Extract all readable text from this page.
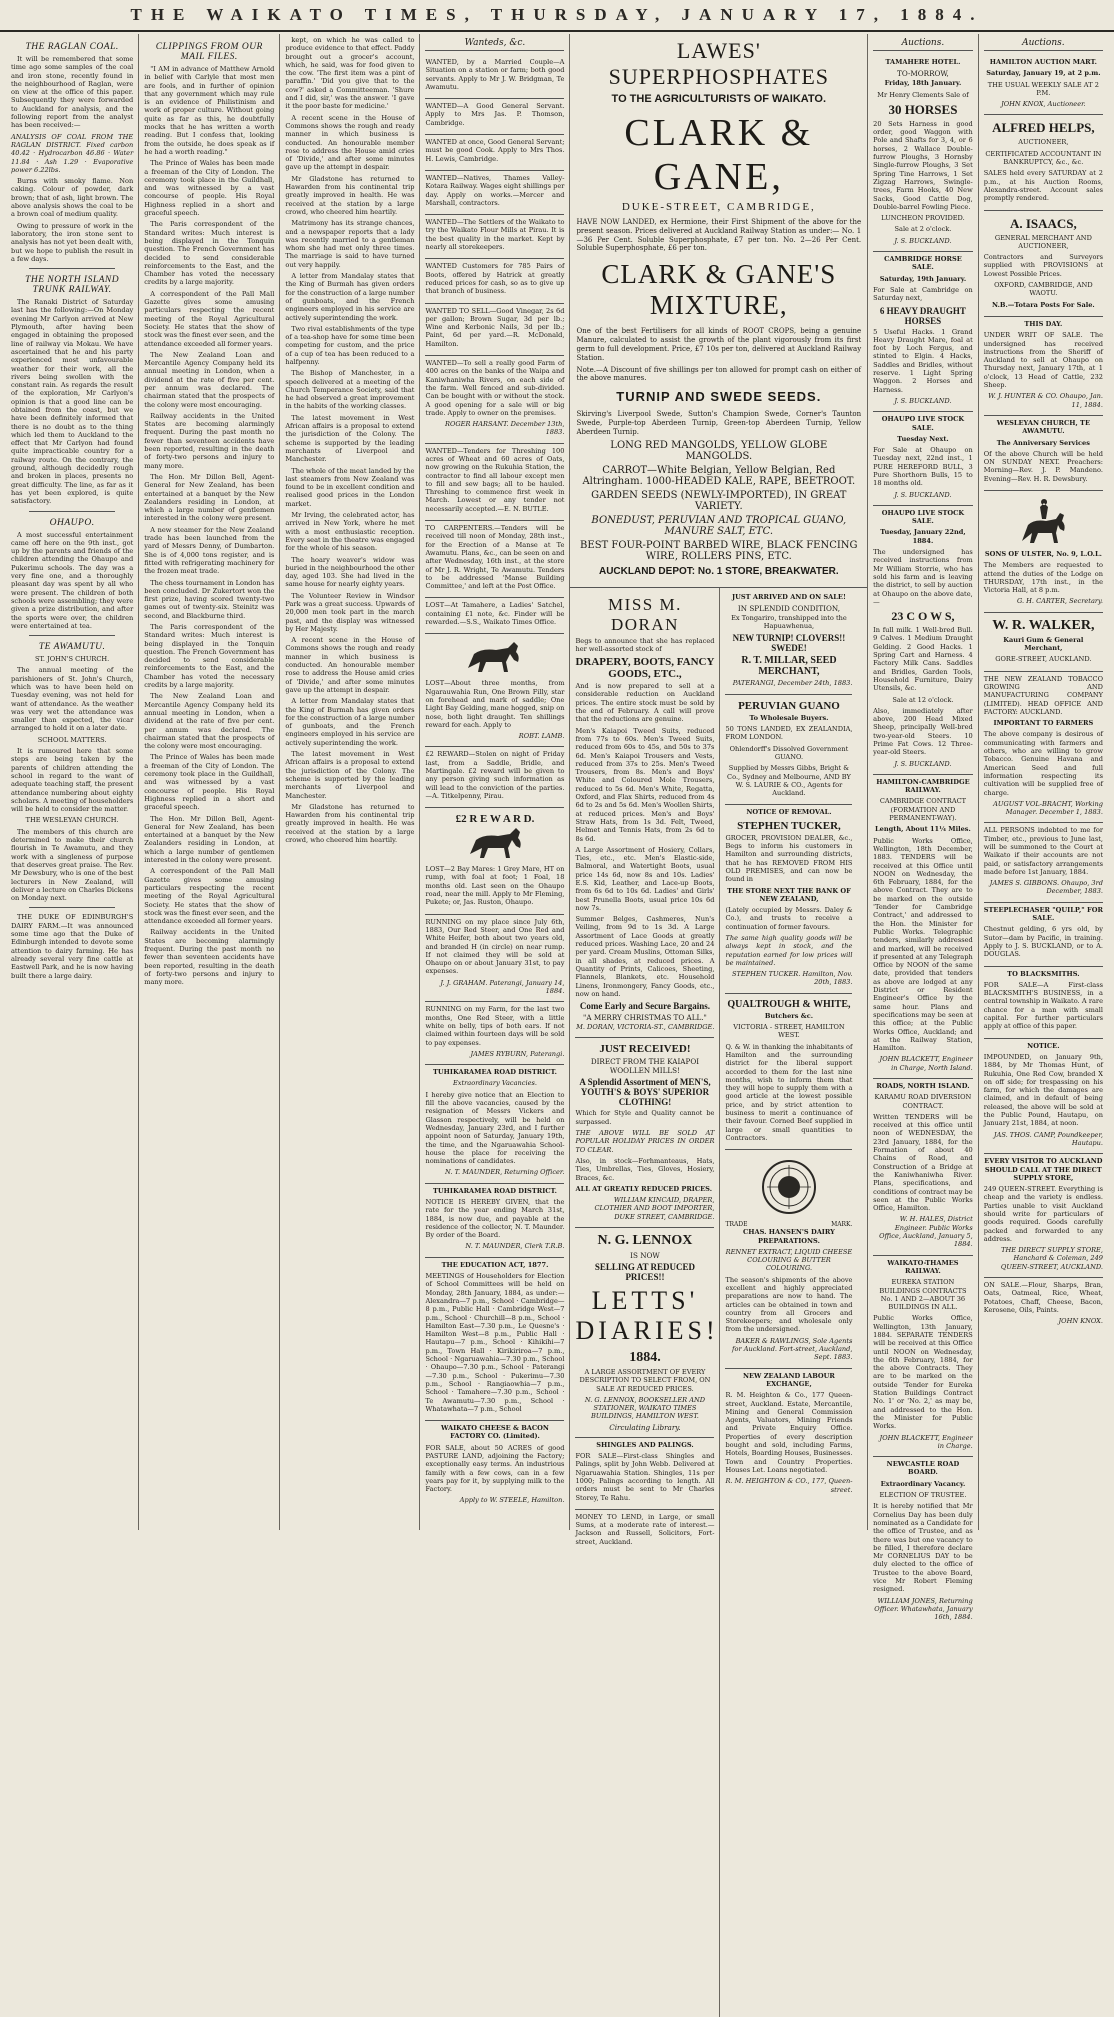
THE WAIKATO TIMES, THURSDAY, JANUARY 17, 1884.
THE RAGLAN COAL.

It will be remembered that some time ago some samples of the coal and iron stone, recently found in the neighbourhood of Raglan, were on view at the office of this paper. Subsequently they were forwarded to Auckland for analysis, and the following report from the analyst has been received:—

ANALYSIS OF COAL FROM THE RAGLAN DISTRICT. Fixed carbon 40.42 · Hydrocarbon 46.86 · Water 11.84 · Ash 1.29 · Evaporative power 6.22lbs.

Burns with smoky flame. Non caking. Colour of powder, dark brown; that of ash, light brown. The above analysis shows the coal to be a brown coal of medium quality.

Owing to pressure of work in the laboratory, the iron stone sent to analysis has not yet been dealt with, but we hope to publish the result in a few days.

THE NORTH ISLAND TRUNK RAILWAY.

The Ranaki District of Saturday last has the following:—On Monday evening Mr Carlyon arrived at New Plymouth, after having been engaged in obtaining the proposed line of railway via Mokau. We have ascertained that he and his party experienced most unfavourable weather for their work, all the rivers being swollen with the constant rain. As regards the result of the exploration, Mr Carlyon's opinion is that a good line can be obtained from the coast, but we have been definitely informed that there is no doubt as to the thing which led them to Auckland to the effect that Mr Carlyon had found quite impracticable country for a railway route. On the contrary, the ground, although decidedly rough and broken in places, presents no great difficulty. The line, as far as it has yet been explored, is quite satisfactory.

OHAUPO.

A most successful entertainment came off here on the 9th inst., got up by the parents and friends of the children attending the Ohaupo and Pukerimu schools. The day was a very fine one, and a thoroughly pleasant day was spent by all who were present. The children of both schools were assembling; they were given a prize distribution, and after the sports were over, the children were entertained at tea.

TE AWAMUTU.

ST. JOHN'S CHURCH.

The annual meeting of the parishioners of St. John's Church, which was to have been held on Tuesday evening, was not held for want of attendance. As the weather was very wet the attendance was smaller than expected, the vicar arranged to hold it on a later date.

SCHOOL MATTERS.

It is rumoured here that some steps are being taken by the parents of children attending the school in regard to the want of adequate teaching staff, the present attendance numbering about eighty scholars. A meeting of householders will be held to consider the matter.

THE WESLEYAN CHURCH.

The members of this church are determined to make their church flourish in Te Awamutu, and they work with a singleness of purpose that deserves great praise. The Rev. Mr Dewsbury, who is one of the best lecturers in New Zealand, will deliver a lecture on Charles Dickens on Monday next.

THE DUKE OF EDINBURGH'S DAIRY FARM.—It was announced some time ago that the Duke of Edinburgh intended to devote some attention to dairy farming. He has already several very fine cattle at Eastwell Park, and he is now having built there a large dairy.

CLIPPINGS FROM OUR MAIL FILES.

"I AM in advance of Matthew Arnold in belief with Carlyle that most men are fools, and in further of opinion that any government which may rule is an evidence of Philistinism and work of proper culture. Without going quite as far as this, he doubtfully mocks that he has written a worth reading. But I confess that, looking from the outside, he does speak as if he had a worth reading."

The Prince of Wales has been made a freeman of the City of London. The ceremony took place in the Guildhall, and was witnessed by a vast concourse of people. His Royal Highness replied in a short and graceful speech.

The Paris correspondent of the Standard writes: Much interest is being displayed in the Tonquin question. The French Government has decided to send considerable reinforcements to the East, and the Chamber has voted the necessary credits by a large majority.

A correspondent of the Pall Mall Gazette gives some amusing particulars respecting the recent meeting of the Royal Agricultural Society. He states that the show of stock was the finest ever seen, and the attendance exceeded all former years.

The New Zealand Loan and Mercantile Agency Company held its annual meeting in London, when a dividend at the rate of five per cent. per annum was declared. The chairman stated that the prospects of the colony were most encouraging.

Railway accidents in the United States are becoming alarmingly frequent. During the past month no fewer than seventeen accidents have been reported, resulting in the death of forty-two persons and injury to many more.

The Hon. Mr Dillon Bell, Agent-General for New Zealand, has been entertained at a banquet by the New Zealanders residing in London, at which a large number of gentlemen interested in the colony were present.

A new steamer for the New Zealand trade has been launched from the yard of Messrs Denny, of Dumbarton. She is of 4,000 tons register, and is fitted with refrigerating machinery for the frozen meat trade.

The chess tournament in London has been concluded. Dr Zukertort won the first prize, having scored twenty-two games out of twenty-six. Steinitz was second, and Blackburne third.

The Paris correspondent of the Standard writes: Much interest is being displayed in the Tonquin question. The French Government has decided to send considerable reinforcements to the East, and the Chamber has voted the necessary credits by a large majority.

The New Zealand Loan and Mercantile Agency Company held its annual meeting in London, when a dividend at the rate of five per cent. per annum was declared. The chairman stated that the prospects of the colony were most encouraging.

The Prince of Wales has been made a freeman of the City of London. The ceremony took place in the Guildhall, and was witnessed by a vast concourse of people. His Royal Highness replied in a short and graceful speech.

The Hon. Mr Dillon Bell, Agent-General for New Zealand, has been entertained at a banquet by the New Zealanders residing in London, at which a large number of gentlemen interested in the colony were present.

A correspondent of the Pall Mall Gazette gives some amusing particulars respecting the recent meeting of the Royal Agricultural Society. He states that the show of stock was the finest ever seen, and the attendance exceeded all former years.

Railway accidents in the United States are becoming alarmingly frequent. During the past month no fewer than seventeen accidents have been reported, resulting in the death of forty-two persons and injury to many more.

kept, on which he was called to produce evidence to that effect. Paddy brought out a grocer's account, which, he said, was for food given to the cow. 'The first item was a pint of paraffin.' 'Did you give that to the cow?' asked a Committeeman. 'Shure and I did, sir,' was the answer. 'I gave it the poor baste for medicine.'

A recent scene in the House of Commons shows the rough and ready manner in which business is conducted. An honourable member rose to address the House amid cries of 'Divide,' and after some minutes gave up the attempt in despair.

Mr Gladstone has returned to Hawarden from his continental trip greatly improved in health. He was received at the station by a large crowd, who cheered him heartily.

Matrimony has its strange chances, and a newspaper reports that a lady was recently married to a gentleman whom she had met only three times. The marriage is said to have turned out very happily.

A letter from Mandalay states that the King of Burmah has given orders for the construction of a large number of gunboats, and the French engineers employed in his service are actively superintending the work.

Two rival establishments of the type of a tea-shop have for some time been competing for custom, and the price of a cup of tea has been reduced to a halfpenny.

The Bishop of Manchester, in a speech delivered at a meeting of the Church Temperance Society, said that he had observed a great improvement in the habits of the working classes.

The latest movement in West African affairs is a proposal to extend the jurisdiction of the Colony. The scheme is supported by the leading merchants of Liverpool and Manchester.

The whole of the meat landed by the last steamers from New Zealand was found to be in excellent condition and realised good prices in the London market.

Mr Irving, the celebrated actor, has arrived in New York, where he met with a most enthusiastic reception. Every seat in the theatre was engaged for the whole of his season.

The hoary weaver's widow was buried in the neighbourhood the other day, aged 103. She had lived in the same house for nearly eighty years.

The Volunteer Review in Windsor Park was a great success. Upwards of 20,000 men took part in the march past, and the display was witnessed by Her Majesty.

A recent scene in the House of Commons shows the rough and ready manner in which business is conducted. An honourable member rose to address the House amid cries of 'Divide,' and after some minutes gave up the attempt in despair.

A letter from Mandalay states that the King of Burmah has given orders for the construction of a large number of gunboats, and the French engineers employed in his service are actively superintending the work.

The latest movement in West African affairs is a proposal to extend the jurisdiction of the Colony. The scheme is supported by the leading merchants of Liverpool and Manchester.

Mr Gladstone has returned to Hawarden from his continental trip greatly improved in health. He was received at the station by a large crowd, who cheered him heartily.

Wanteds, &c.

WANTED, by a Married Couple—A Situation on a station or farm; both good servants. Apply to Mr J. W. Bridgman, Te Awamutu.

WANTED—A Good General Servant. Apply to Mrs Jas. P. Thomson, Cambridge.

WANTED at once, Good General Servant; must be good Cook. Apply to Mrs Thos. H. Lewis, Cambridge.

WANTED—Natives, Thames Valley-Kotara Railway. Wages eight shillings per day. Apply on works.—Mercer and Marshall, contractors.

WANTED—The Settlers of the Waikato to try the Waikato Flour Mills at Pirau. It is the best quality in the market. Kept by nearly all storekeepers.

WANTED Customers for 785 Pairs of Boots, offered by Hatrick at greatly reduced prices for cash, so as to give up that branch of business.

WANTED TO SELL—Good Vinegar, 2s 6d per gallon; Brown Sugar, 3d per lb.; Wine and Kerbonic Nails, 3d per lb.; Paint, 6d per yard.—R. McDonald, Hamilton.

WANTED—To sell a really good Farm of 400 acres on the banks of the Waipa and Kaniwhaniwha Rivers, on each side of the farm. Well fenced and sub-divided. Can be bought with or without the stock. A good opening for a sale will or big trade. Apply to owner on the premises.

ROGER HARSANT. December 13th, 1883.

WANTED—Tenders for Threshing 100 acres of Wheat and 60 acres of Oats, now growing on the Rukuhia Station, the contractor to find all labour except men to fill and sew bags; all to be hauled. Threshing to commence first week in March. Lowest or any tender not necessarily accepted.—E. N. BUTLE.

TO CARPENTERS.—Tenders will be received till noon of Monday, 28th inst., for the Erection of a Manse at Te Awamutu. Plans, &c., can be seen on and after Wednesday, 16th inst., at the store of Mr J. R. Wright, Te Awamutu. Tenders to be addressed 'Manse Building Committee,' and left at the Post Office.

LOST—At Tamahere, a Ladies' Satchel, containing £1 note, &c. Finder will be rewarded.—S.S., Waikato Times Office.

LOST—About three months, from Ngarauwahia Run, One Brown Filly, star on forehead and mark of saddle; One Light Bay Gelding, mane hogged, snip on nose, both light draught. Ten shillings reward for each. Apply to

ROBT. LAMB.

£2 REWARD—Stolen on night of Friday last, from a Saddle, Bridle, and Martingale. £2 reward will be given to any person giving such information as will lead to the conviction of the parties.—A. Titkelpenny, Pirau.

£2 R E W A R D.

LOST—2 Bay Mares: 1 Grey Mare, HT on rump, with foal at foot; 1 Foal, 18 months old. Last seen on the Ohaupo road, near the mill. Apply to Mr Fleming, Pukete; or, Jas. Ruston, Ohaupo.

RUNNING on my place since July 6th, 1883, Our Red Steer, and One Red and White Heifer, both about two years old, and branded H (in circle) on near rump. If not claimed they will be sold at Ohaupo on or about January 31st, to pay expenses.

J. J. GRAHAM. Paterangi, January 14, 1884.

RUNNING on my Farm, for the last two months, One Red Steer, with a little white on belly, tips of both ears. If not claimed within fourteen days will be sold to pay expenses.

JAMES RYBURN, Paterangi.

TUHIKARAMEA ROAD DISTRICT.

Extraordinary Vacancies.

I hereby give notice that an Election to fill the above vacancies, caused by the resignation of Messrs Vickers and Glasson respectively, will be held on Wednesday, January 23rd, and I further appoint noon of Saturday, January 19th, the time, and the Ngaruawahia School-house the place for receiving the nominations of candidates.

N. T. MAUNDER, Returning Officer.

TUHIKARAMEA ROAD DISTRICT.

NOTICE IS HEREBY GIVEN, that the rate for the year ending March 31st, 1884, is now due, and payable at the residence of the collector, N. T. Maunder. By order of the Board.

N. T. MAUNDER, Clerk T.R.B.

THE EDUCATION ACT, 1877.

MEETINGS of Householders for Election of School Committees will be held on Monday, 28th January, 1884, as under:— Alexandra—7 p.m., School · Cambridge—8 p.m., Public Hall · Cambridge West—7 p.m., School · Churchill—8 p.m., School · Hamilton East—7.30 p.m., Le Quesne's · Hamilton West—8 p.m., Public Hall · Hautapu—7 p.m., School · Kihikihi—7 p.m., Town Hall · Kirikiriroa—7 p.m., School · Ngaruawahia—7.30 p.m., School · Ohaupo—7.30 p.m., School · Paterangi—7.30 p.m., School · Pukerimu—7.30 p.m., School · Rangiaowhia—7 p.m., School · Tamahere—7.30 p.m., School · Te Awamutu—7.30 p.m., School · Whatawhata—7 p.m., School

WAIKATO CHEESE & BACON FACTORY CO. (Limited).

FOR SALE, about 50 ACRES of good PASTURE LAND, adjoining the Factory; exceptionally easy terms. An industrious family with a few cows, can in a few years pay for it, by supplying milk to the Factory.

Apply to W. STEELE, Hamilton.

LAWES' SUPERPHOSPHATES
TO THE AGRICULTURISTS OF WAIKATO.
CLARK & GANE,
DUKE-STREET, CAMBRIDGE,

HAVE NOW LANDED, ex Hermione, their First Shipment of the above for the present season. Prices delivered at Auckland Railway Station as under:— No. 1—36 Per Cent. Soluble Superphosphate, £7 per ton. No. 2—26 Per Cent. Soluble Superphosphate, £6 per ton.

CLARK & GANE'S MIXTURE,

One of the best Fertilisers for all kinds of ROOT CROPS, being a genuine Manure, calculated to assist the growth of the plant vigorously from its first germ to full development. Price, £7 10s per ton, delivered at Auckland Railway Station.

Note.—A Discount of five shillings per ton allowed for prompt cash on either of the above manures.

TURNIP AND SWEDE SEEDS.

Skirving's Liverpool Swede, Sutton's Champion Swede, Corner's Taunton Swede, Purple-top Aberdeen Turnip, Green-top Aberdeen Turnip, Yellow Aberdeen Turnip.

LONG RED MANGOLDS, YELLOW GLOBE MANGOLDS.
CARROT—White Belgian, Yellow Belgian, Red Altringham. 1000-HEADED KALE, RAPE, BEETROOT.
GARDEN SEEDS (NEWLY-IMPORTED), IN GREAT VARIETY.
BONEDUST, PERUVIAN AND TROPICAL GUANO, MANURE SALT, ETC.
BEST FOUR-POINT BARBED WIRE, BLACK FENCING WIRE, ROLLERS PINS, ETC.
AUCKLAND DEPOT: No. 1 STORE, BREAKWATER.
MISS M. DORAN

Begs to announce that she has replaced her well-assorted stock of

DRAPERY, BOOTS, FANCY GOODS, ETC.,

And is now prepared to sell at a considerable reduction on Auckland prices. The entire stock must be sold by the end of February. A call will prove that the reductions are genuine.

Men's Kaiapoi Tweed Suits, reduced from 77s to 60s. Men's Tweed Suits, reduced from 60s to 45s, and 50s to 37s 6d. Men's Kaiapoi Trousers and Vests, reduced from 37s to 25s. Men's Tweed Trousers, from 8s. Men's and Boys' White and Coloured Mole Trousers, reduced to 5s 6d. Men's White, Regatta, Oxford, and Flax Shirts, reduced from 4s 6d to 2s and 5s 6d. Men's Woollen Shirts, at reduced prices. Men's and Boys' Straw Hats, from 1s 3d. Felt, Tweed, Helmet and Tennis Hats, from 2s 6d to 8s 6d.

A Large Assortment of Hosiery, Collars, Ties, etc., etc. Men's Elastic-side, Balmoral, and Watertight Boots, usual price 14s 6d, now 8s and 10s. Ladies' E.S. Kid, Leather, and Lace-up Boots, from 6s 6d to 10s 6d. Ladies' and Girls' best Prunella Boots, usual price 10s 6d now 7s.

Summer Belges, Cashmeres, Nun's Veiling, from 9d to 1s 3d. A Large Assortment of Lace Goods at greatly reduced prices. Washing Lace, 20 and 24 per yard. Cream Muslins, Ottoman Silks, in all shades, at reduced prices. A Quantity of Prints, Calicoes, Sheeting, Flannels, Blankets, etc. Household Linens, Ironmongery, Fancy Goods, etc., now on hand.

Come Early and Secure Bargains.
"A MERRY CHRISTMAS TO ALL."

M. DORAN, VICTORIA-ST., CAMBRIDGE.

JUST RECEIVED!
DIRECT FROM THE KAIAPOI WOOLLEN MILLS!
A Splendid Assortment of MEN'S, YOUTH'S & BOYS' SUPERIOR CLOTHING!

Which for Style and Quality cannot be surpassed.

THE ABOVE WILL BE SOLD AT POPULAR HOLIDAY PRICES IN ORDER TO CLEAR.

Also, in stock—Forhmanteaus, Hats, Ties, Umbrellas, Ties, Gloves, Hosiery, Braces, &c.

ALL AT GREATLY REDUCED PRICES.

WILLIAM KINCAID, DRAPER, CLOTHIER AND BOOT IMPORTER, DUKE STREET, CAMBRIDGE.

N. G. LENNOX
IS NOW
SELLING AT REDUCED PRICES!!
LETTS' DIARIES!
1884.

A LARGE ASSORTMENT OF EVERY DESCRIPTION TO SELECT FROM, ON SALE AT REDUCED PRICES.

N. G. LENNOX, BOOKSELLER AND STATIONER, WAIKATO TIMES BUILDINGS, HAMILTON WEST.

Circulating Library.

SHINGLES AND PALINGS.

FOR SALE—First-class Shingles and Palings, split by John Webb. Delivered at Ngaruawahia Station. Shingles, 11s per 1000; Palings according to length. All orders must be sent to Mr Charles Storey, Te Rahu.

MONEY TO LEND, in Large, or small Sums, at a moderate rate of interest.—Jackson and Russell, Solicitors, Fort-street, Auckland.

JUST ARRIVED AND ON SALE!

IN SPLENDID CONDITION,

Ex Tongariro, transhipped into the Hapuawhenua,

NEW TURNIP! CLOVERS!! SWEDE!
R. T. MILLAR, SEED MERCHANT,

PATERANGI, December 24th, 1883.

PERUVIAN GUANO

To Wholesale Buyers.

50 TONS LANDED, EX ZEALANDIA, FROM LONDON.

Ohlendorff's Dissolved Government GUANO.

Supplied by Messrs Gibbs, Bright & Co., Sydney and Melbourne, AND BY W. S. LAURIE & CO., Agents for Auckland.

NOTICE OF REMOVAL.

STEPHEN TUCKER,

GROCER, PROVISION DEALER, &c., Begs to inform his customers in Hamilton and surrounding districts, that he has REMOVED FROM HIS OLD PREMISES, and can now be found in

THE STORE NEXT THE BANK OF NEW ZEALAND,

(Lately occupied by Messrs. Daley & Co.), and trusts to receive a continuation of former favours.

The same high quality goods will be always kept in stock, and the reputation earned for low prices will be maintained.

STEPHEN TUCKER. Hamilton, Nov. 20th, 1883.

QUALTROUGH & WHITE,

Butchers &c.

VICTORIA - STREET, HAMILTON WEST.

Q. & W. in thanking the inhabitants of Hamilton and the surrounding district for the liberal support accorded to them for the last nine months, wish to inform them that they will hope to supply them with a good article at the lowest possible price, and by strict attention to business to merit a continuance of their favour. Corned Beef supplied in large or small quantities to Contractors.

TRADE	MARK.

CHAS. HANSEN'S DAIRY PREPARATIONS.

RENNET EXTRACT, LIQUID CHEESE COLOURING & BUTTER COLOURING.

The season's shipments of the above excellent and highly appreciated preparations are now to hand. The articles can be obtained in town and country from all Grocers and Storekeepers; and wholesale only from the undersigned.

BAKER & RAWLINGS, Sole Agents for Auckland. Fort-street, Auckland, Sept. 1883.

NEW ZEALAND LABOUR EXCHANGE,

R. M. Heighton & Co., 177 Queen-street, Auckland. Estate, Mercantile, Mining and General Commission Agents, Valuators, Mining Friends and Private Enquiry Office. Properties of every description bought and sold, including Farms, Hotels, Boarding Houses, Businesses. Town and Country Properties. Houses Let. Loans negotiated.

R. M. HEIGHTON & CO., 177, Queen-street.

Auctions.

TAMAHERE HOTEL.

TO-MORROW,

Friday, 18th January.

Mr Henry Clements Sale of

30 HORSES

20 Sets Harness in good order, good Waggon with Pole and Shafts for 3, 4, or 6 horses, 2 Wallace Double-furrow Ploughs, 3 Hornsby Single-furrow Ploughs, 3 Set Spring Tine Harrows, 1 Set Zigzag Harrows, Swingle-trees, Farm Hooks, 40 New Sacks, Good Cattle Dog, Double-barrel Fowling Piece.

LUNCHEON PROVIDED.

Sale at 2 o'clock.

J. S. BUCKLAND.

CAMBRIDGE HORSE SALE.

Saturday, 19th January.

For Sale at Cambridge on Saturday next,

6 HEAVY DRAUGHT HORSES

5 Useful Hacks. 1 Grand Heavy Draught Mare, foal at foot by Loch Fergus, and stinted to Elgin. 4 Hacks, Saddles and Bridles, without reserve. 1 Light Spring Waggon. 2 Horses and Harness.

J. S. BUCKLAND.

OHAUPO LIVE STOCK SALE.

Tuesday Next.

For Sale at Ohaupo on Tuesday next, 22nd inst., 1 PURE HEREFORD BULL, 3 Pure Shorthorn Bulls, 15 to 18 months old.

J. S. BUCKLAND.

OHAUPO LIVE STOCK SALE.

Tuesday, January 22nd, 1884.

The undersigned has received instructions from Mr William Storrie, who has sold his farm and is leaving the district, to sell by auction at Ohaupo on the above date,—

23 C O W S,

In full milk. 1 Well-bred Bull. 9 Calves. 1 Medium Draught Gelding. 2 Good Hacks. 1 Spring Cart and Harness. 4 Factory Milk Cans. Saddles and Bridles, Garden Tools, Household Furniture, Dairy Utensils, &c.

Sale at 12 o'clock.

Also, immediately after above, 200 Head Mixed Sheep, principally Well-bred two-year-old Steers. 10 Prime Fat Cows. 12 Three-year-old Steers.

J. S. BUCKLAND.

HAMILTON-CAMBRIDGE RAILWAY.

CAMBRIDGE CONTRACT (FORMATION AND PERMANENT-WAY).

Length, About 11¼ Miles.

Public Works Office, Wellington, 18th December, 1883. TENDERS will be received at this Office until NOON on Wednesday, the 6th February, 1884, for the above Contract. They are to be marked on the outside 'Tender for Cambridge Contract,' and addressed to the Hon. the Minister for Public Works. Telegraphic tenders, similarly addressed and marked, will be received if presented at any Telegraph Office by NOON of the same date, provided that tenders as above are lodged at any District or Resident Engineer's Office by the same hour. Plans and specifications may be seen at this office; at the Public Works Office, Auckland; and at the Railway Station, Hamilton.

JOHN BLACKETT, Engineer in Charge, North Island.

ROADS, NORTH ISLAND.

KARAMU ROAD DIVERSION CONTRACT.

Written TENDERS will be received at this office until noon of WEDNESDAY, the 23rd January, 1884, for the Formation of about 40 Chains of Road, and Construction of a Bridge at the Kaniwhaniwha River. Plans, specifications, and conditions of contract may be seen at the Public Works Office, Hamilton.

W. H. HALES, District Engineer. Public Works Office, Auckland, January 5, 1884.

WAIKATO-THAMES RAILWAY.

EUREKA STATION BUILDINGS CONTRACTS No. 1 AND 2—ABOUT 36 BUILDINGS IN ALL.

Public Works Office, Wellington, 13th January, 1884. SEPARATE TENDERS will be received at this Office until NOON on Wednesday, the 6th February, 1884, for the above Contracts. They are to be marked on the outside 'Tender for Eureka Station Buildings Contract No. 1' or 'No. 2,' as may be, and addressed to the Hon. the Minister for Public Works.

JOHN BLACKETT, Engineer in Charge.

NEWCASTLE ROAD BOARD.

Extraordinary Vacancy.

ELECTION OF TRUSTEE.

It is hereby notified that Mr Cornelius Day has been duly nominated as a Candidate for the office of Trustee, and as there was but one vacancy to be filled, I therefore declare Mr CORNELIUS DAY to be duly elected to the office of Trustee to the above Board, vice Mr Robert Fleming resigned.

WILLIAM JONES, Returning Officer. Whatawhata, January 16th, 1884.

Auctions.

HAMILTON AUCTION MART.

Saturday, January 19, at 2 p.m.

THE USUAL WEEKLY SALE AT 2 P.M.

JOHN KNOX, Auctioneer.

ALFRED HELPS,

AUCTIONEER,

CERTIFICATED ACCOUNTANT IN BANKRUPTCY, &c., &c.

SALES held every SATURDAY at 2 p.m., at his Auction Rooms, Alexandra-street. Account sales promptly rendered.

A. ISAACS,

GENERAL MERCHANT AND AUCTIONEER,

Contractors and Surveyors supplied with PROVISIONS at Lowest Possible Prices.

OXFORD, CAMBRIDGE, AND WAOTU.

N.B.—Totara Posts For Sale.

THIS DAY.

UNDER WRIT OF SALE. The undersigned has received instructions from the Sheriff of Auckland to sell at Ohaupo on Thursday next, January 17th, at 1 o'clock, 13 Head of Cattle, 232 Sheep.

W. J. HUNTER & CO. Ohaupo, Jan. 11, 1884.

WESLEYAN CHURCH, TE AWAMUTU.

The Anniversary Services

Of the above Church will be held ON SUNDAY NEXT. Preachers: Morning—Rev. J. P. Mandeno. Evening—Rev. H. R. Dewsbury.

SONS OF ULSTER, No. 9, L.O.L.

The Members are requested to attend the duties of the Lodge on THURSDAY, 17th inst., in the Victoria Hall, at 8 p.m.

G. H. CARTER, Secretary.

W. R. WALKER,

Kauri Gum & General Merchant,

GORE-STREET, AUCKLAND.

THE NEW ZEALAND TOBACCO GROWING AND MANUFACTURING COMPANY (LIMITED). HEAD OFFICE AND FACTORY: AUCKLAND.

IMPORTANT TO FARMERS

The above company is desirous of communicating with farmers and others, who are willing to grow Tobacco. Genuine Havana and American Seed and full information respecting its cultivation will be supplied free of charge.

AUGUST VOL-BRACHT, Working Manager. December 1, 1883.

ALL PERSONS indebted to me for Timber, etc., previous to June last, will be summoned to the Court at Waikato if their accounts are not paid, or satisfactory arrangements made before 1st January, 1884.

JAMES S. GIBBONS. Ohaupo, 3rd December, 1883.

STEEPLECHASER "QUILP," FOR SALE.

Chestnut gelding, 6 yrs old, by Sutor—dam by Pacific, in training. Apply to J. S. BUCKLAND, or to A. DOUGLAS.

TO BLACKSMITHS.

FOR SALE—A First-class BLACKSMITH'S BUSINESS, in a central township in Waikato. A rare chance for a man with small capital. For further particulars apply at office of this paper.

NOTICE.

IMPOUNDED, on January 9th, 1884, by Mr Thomas Hunt, of Rukuhia, One Red Cow, branded X on off side; for trespassing on his farm, for which the damages are claimed, and in default of being released, the above will be sold at the Public Pound, Hautapu, on January 21st, 1884, at noon.

JAS. THOS. CAMP, Poundkeeper, Hautapu.

EVERY VISITOR TO AUCKLAND SHOULD CALL AT THE DIRECT SUPPLY STORE,

249 QUEEN-STREET. Everything is cheap and the variety is endless. Parties unable to visit Auckland should write for particulars of goods required. Goods carefully packed and forwarded to any address.

THE DIRECT SUPPLY STORE, Hanchard & Coleman, 249 QUEEN-STREET, AUCKLAND.

ON SALE.—Flour, Sharps, Bran, Oats, Oatmeal, Rice, Wheat, Potatoes, Chaff, Cheese, Bacon, Kerosene, Oils, Paints.

JOHN KNOX.
